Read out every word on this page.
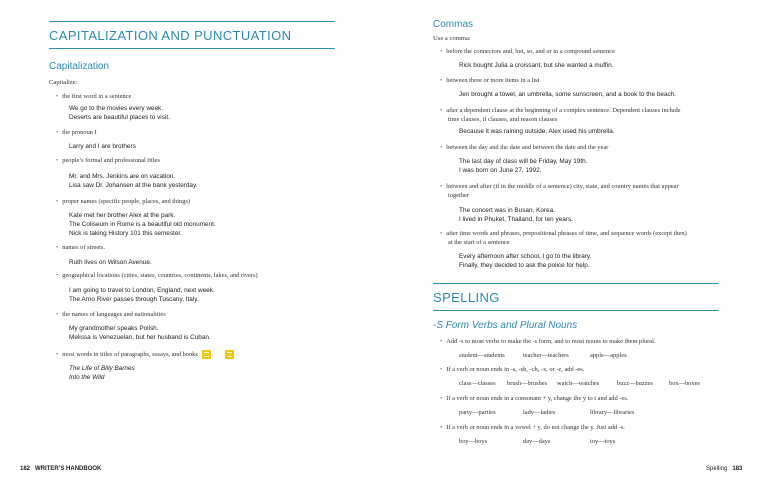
CAPITALIZATION AND PUNCTUATION
Capitalization
Capitalize:
• the first word in a sentence
We go to the movies every week.
Deserts are beautiful places to visit.
• the pronoun I
Larry and I are brothers
• people’s formal and professional titles
Mr. and Mrs. Jenkins are on vacation.
Lisa saw Dr. Johansen at the bank yesterday.
• proper names (specific people, places, and things)
Kate met her brother Alex at the park.
The Coliseum in Rome is a beautiful old monument.
Nick is taking History 101 this semester.
• names of streets.
Ruth lives on Wilson Avenue.
• geographical locations (cities, states, countries, continents, lakes, and rivers)
I am going to travel to London, England, next week.
The Arno River passes through Tuscany, Italy.
• the names of languages and nationalities
My grandmother speaks Polish.
Melissa is Venezuelan, but her husband is Cuban.
• most words in titles of paragraphs, essays, and books
The Life of Billy Barnes
Into the Wild
182 WRITER’S HANDBOOK
Commas
Use a comma:
• before the connectors and, but, so, and or in a compound sentence
Rick bought Julia a croissant, but she wanted a muffin.
• between three or more items in a list
Jen brought a towel, an umbrella, some sunscreen, and a book to the beach.
• after a dependent clause at the beginning of a complex sentence. Dependent clauses include
time clauses, if clauses, and reason clauses
Because it was raining outside, Alex used his umbrella.
• between the day and the date and between the date and the year
The last day of class will be Friday, May 19th.
I was born on June 27, 1992.
• between and after (if in the middle of a sentence) city, state, and country names that appear
together
The concert was in Busan, Korea.
I lived in Phuket, Thailand, for ten years.
• after time words and phrases, prepositional phrases of time, and sequence words (except then)
at the start of a sentence
Every afternoon after school, I go to the library.
Finally, they decided to ask the police for help.
SPELLING
-S Form Verbs and Plural Nouns
• Add -s to most verbs to make the -s form, and to most nouns to make them plural.
student—students	teacher—teachers	apple—apples
• If a verb or noun ends in -s, -sh, -ch, -x, or -z, add -es.
class—classes brush—brushes watch—watches	buzz—buzzes	box—boxes
• If a verb or noun ends in a consonant + y, change the y to i and add -es.
party—parties	lady—ladies	library—libraries
• If a verb or noun ends in a vowel + y, do not change the y. Just add -s.
boy—boys	day—days	toy—toys
Spelling 183
